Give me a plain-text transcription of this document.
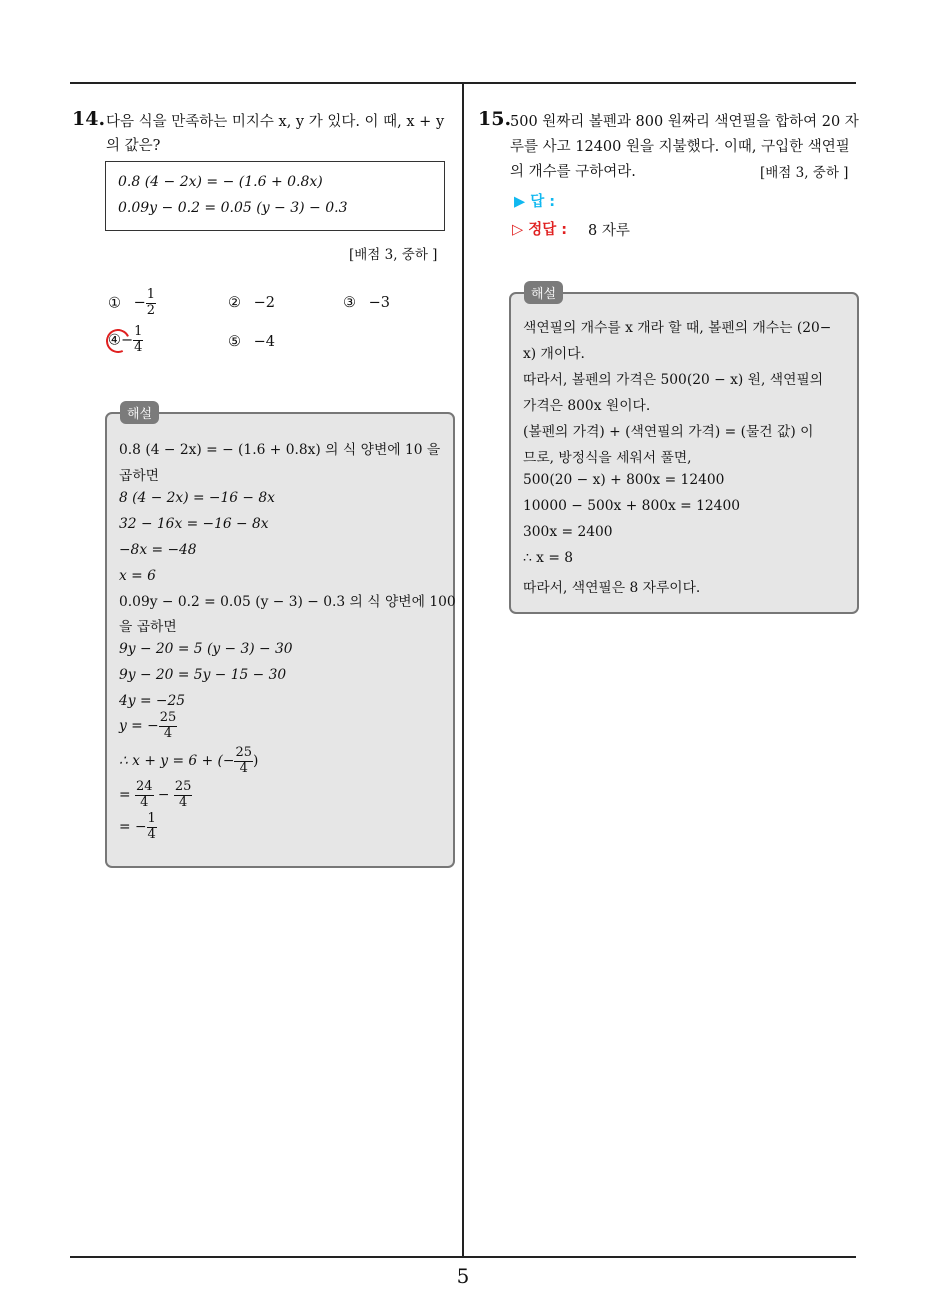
14. 다음 식을 만족하는 미지수 x, y 가 있다. 이 때, x + y
의 값은?
0.8 (4 − 2x) = − (1.6 + 0.8x)
0.09y − 0.2 = 0.05 (y − 3) − 0.3
[배점 3, 중하 ]
① − $\frac{1}{2}$	② −2	③ −3
④− $\frac{1}{4}$	⑤ −4
0.8 (4 − 2x) = − (1.6 + 0.8x) 의 식 양변에 10 을
곱하면
8 (4 − 2x) = −16 − 8x
32 − 16x = −16 − 8x
−8x = −48
x = 6
0.09y − 0.2 = 0.05 (y − 3) − 0.3 의 식 양변에 100
을 곱하면
9y − 20 = 5 (y − 3) − 30
9y − 20 = 5y − 15 − 30
4y = −25
y = − $\frac{25}{4}$
∴ x + y = 6 + (− $\frac{25}{4}$ )
= $\frac{24}{4} - \frac{25}{4}$
= − $\frac{1}{4}$
해설
15.
500 원짜리 볼펜과 800 원짜리 색연필을 합하여 20 자
루를 사고 12400 원을 지불했다. 이때, 구입한 색연필
의 개수를 구하여라.	[배점 3, 중하 ]
▶ 답 :
▷ 정답 : 8 자루
색연필의 개수를 x 개라 할 때, 볼펜의 개수는 (20−
x) 개이다.
따라서, 볼펜의 가격은 500(20 − x) 원, 색연필의
가격은 800x 원이다.
(볼펜의 가격) + (색연필의 가격) = (물건 값) 이
므로, 방정식을 세워서 풀면,
500(20 − x) + 800x = 12400
10000 − 500x + 800x = 12400
300x = 2400
∴ x = 8
따라서, 색연필은 8 자루이다.
해설
5
